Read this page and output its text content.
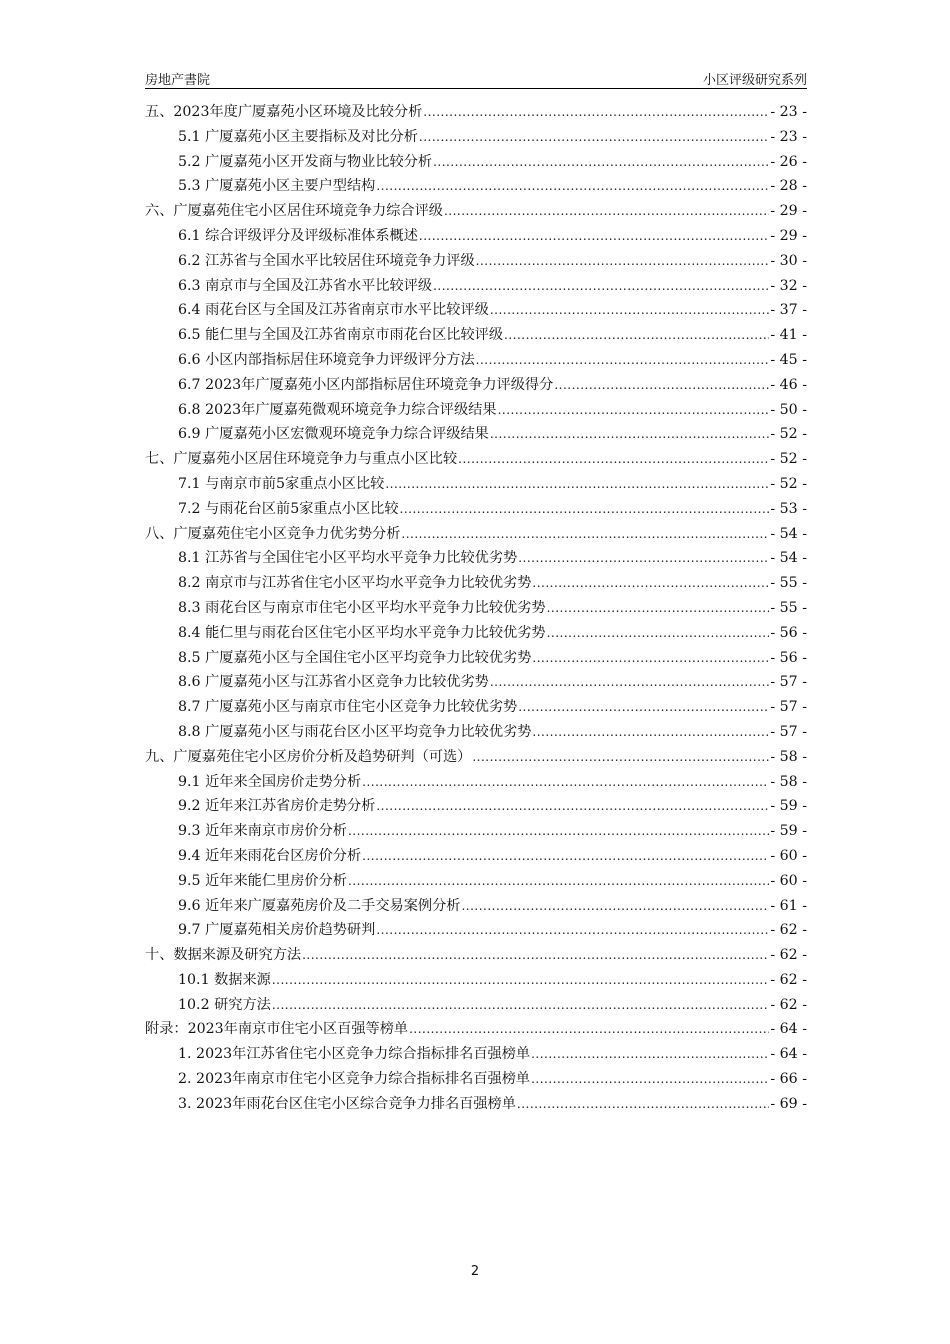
房地产書院	小区评级研究系列
五、2023年度广厦嘉苑小区环境及比较分析 .....	- 23 -
5.1 广厦嘉苑小区主要指标及对比分析 .....	- 23 -
5.2 广厦嘉苑小区开发商与物业比较分析 .....	- 26 -
5.3 广厦嘉苑小区主要户型结构 .....	- 28 -
六、广厦嘉苑住宅小区居住环境竞争力综合评级 .....	- 29 -
6.1 综合评级评分及评级标准体系概述 .....	- 29 -
6.2 江苏省与全国水平比较居住环境竞争力评级 .....	- 30 -
6.3 南京市与全国及江苏省水平比较评级 .....	- 32 -
6.4 雨花台区与全国及江苏省南京市水平比较评级 .....	- 37 -
6.5 能仁里与全国及江苏省南京市雨花台区比较评级 .....	- 41 -
6.6 小区内部指标居住环境竞争力评级评分方法 .....	- 45 -
6.7 2023年广厦嘉苑小区内部指标居住环境竞争力评级得分 .....	- 46 -
6.8 2023年广厦嘉苑微观环境竞争力综合评级结果 .....	- 50 -
6.9 广厦嘉苑小区宏微观环境竞争力综合评级结果 .....	- 52 -
七、广厦嘉苑小区居住环境竞争力与重点小区比较 .....	- 52 -
7.1 与南京市前5家重点小区比较 .....	- 52 -
7.2 与雨花台区前5家重点小区比较 .....	- 53 -
八、广厦嘉苑住宅小区竞争力优劣势分析 .....	- 54 -
8.1 江苏省与全国住宅小区平均水平竞争力比较优劣势 .....	- 54 -
8.2 南京市与江苏省住宅小区平均水平竞争力比较优劣势 .....	- 55 -
8.3 雨花台区与南京市住宅小区平均水平竞争力比较优劣势 .....	- 55 -
8.4 能仁里与雨花台区住宅小区平均水平竞争力比较优劣势 .....	- 56 -
8.5 广厦嘉苑小区与全国住宅小区平均竞争力比较优劣势 .....	- 56 -
8.6 广厦嘉苑小区与江苏省小区竞争力比较优劣势 .....	- 57 -
8.7 广厦嘉苑小区与南京市住宅小区竞争力比较优劣势 .....	- 57 -
8.8 广厦嘉苑小区与雨花台区小区平均竞争力比较优劣势 .....	- 57 -
九、广厦嘉苑住宅小区房价分析及趋势研判（可选） .....	- 58 -
9.1 近年来全国房价走势分析 .....	- 58 -
9.2 近年来江苏省房价走势分析 .....	- 59 -
9.3 近年来南京市房价分析 .....	- 59 -
9.4 近年来雨花台区房价分析 .....	- 60 -
9.5 近年来能仁里房价分析 .....	- 60 -
9.6 近年来广厦嘉苑房价及二手交易案例分析 .....	- 61 -
9.7 广厦嘉苑相关房价趋势研判 .....	- 62 -
十、数据来源及研究方法 .....	- 62 -
10.1 数据来源 .....	- 62 -
10.2 研究方法 .....	- 62 -
附录：2023年南京市住宅小区百强等榜单 .....	- 64 -
1. 2023年江苏省住宅小区竞争力综合指标排名百强榜单 .....	- 64 -
2. 2023年南京市住宅小区竞争力综合指标排名百强榜单 .....	- 66 -
3. 2023年雨花台区住宅小区综合竞争力排名百强榜单 .....	- 69 -
2
